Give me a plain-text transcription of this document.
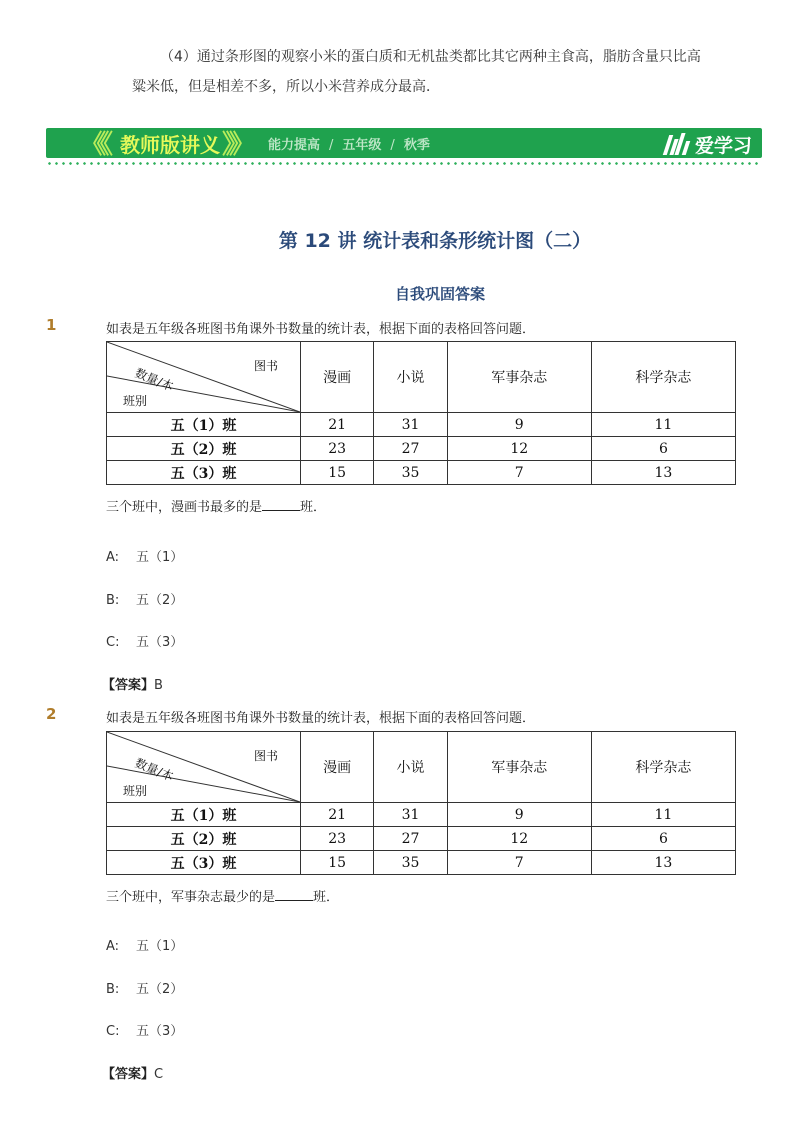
（4）通过条形图的观察小米的蛋白质和无机盐类都比其它两种主食高，脂肪含量只比高
粱米低，但是相差不多，所以小米营养成分最高．
《《 教师版讲义 》》 能力提高 / 五年级 / 秋季	爱学习
第 12 讲 统计表和条形统计图（二）
自我巩固答案
1	如表是五年级各班图书角课外书数量的统计表，根据下面的表格回答问题．
图书
数量/本
班别	漫画	小说	军事杂志	科学杂志
五（1）班	21	31	9	11
五（2）班	23	27	12	6
五（3）班	15	35	7	13
三个班中，漫画书最多的是	班．
A: 五（1）
B: 五（2）
C: 五（3）
【答案】B
2	如表是五年级各班图书角课外书数量的统计表，根据下面的表格回答问题．
图书
数量/本
班别	漫画	小说	军事杂志	科学杂志
五（1）班	21	31	9	11
五（2）班	23	27	12	6
五（3）班	15	35	7	13
三个班中，军事杂志最少的是	班．
A: 五（1）
B: 五（2）
C: 五（3）
【答案】C
